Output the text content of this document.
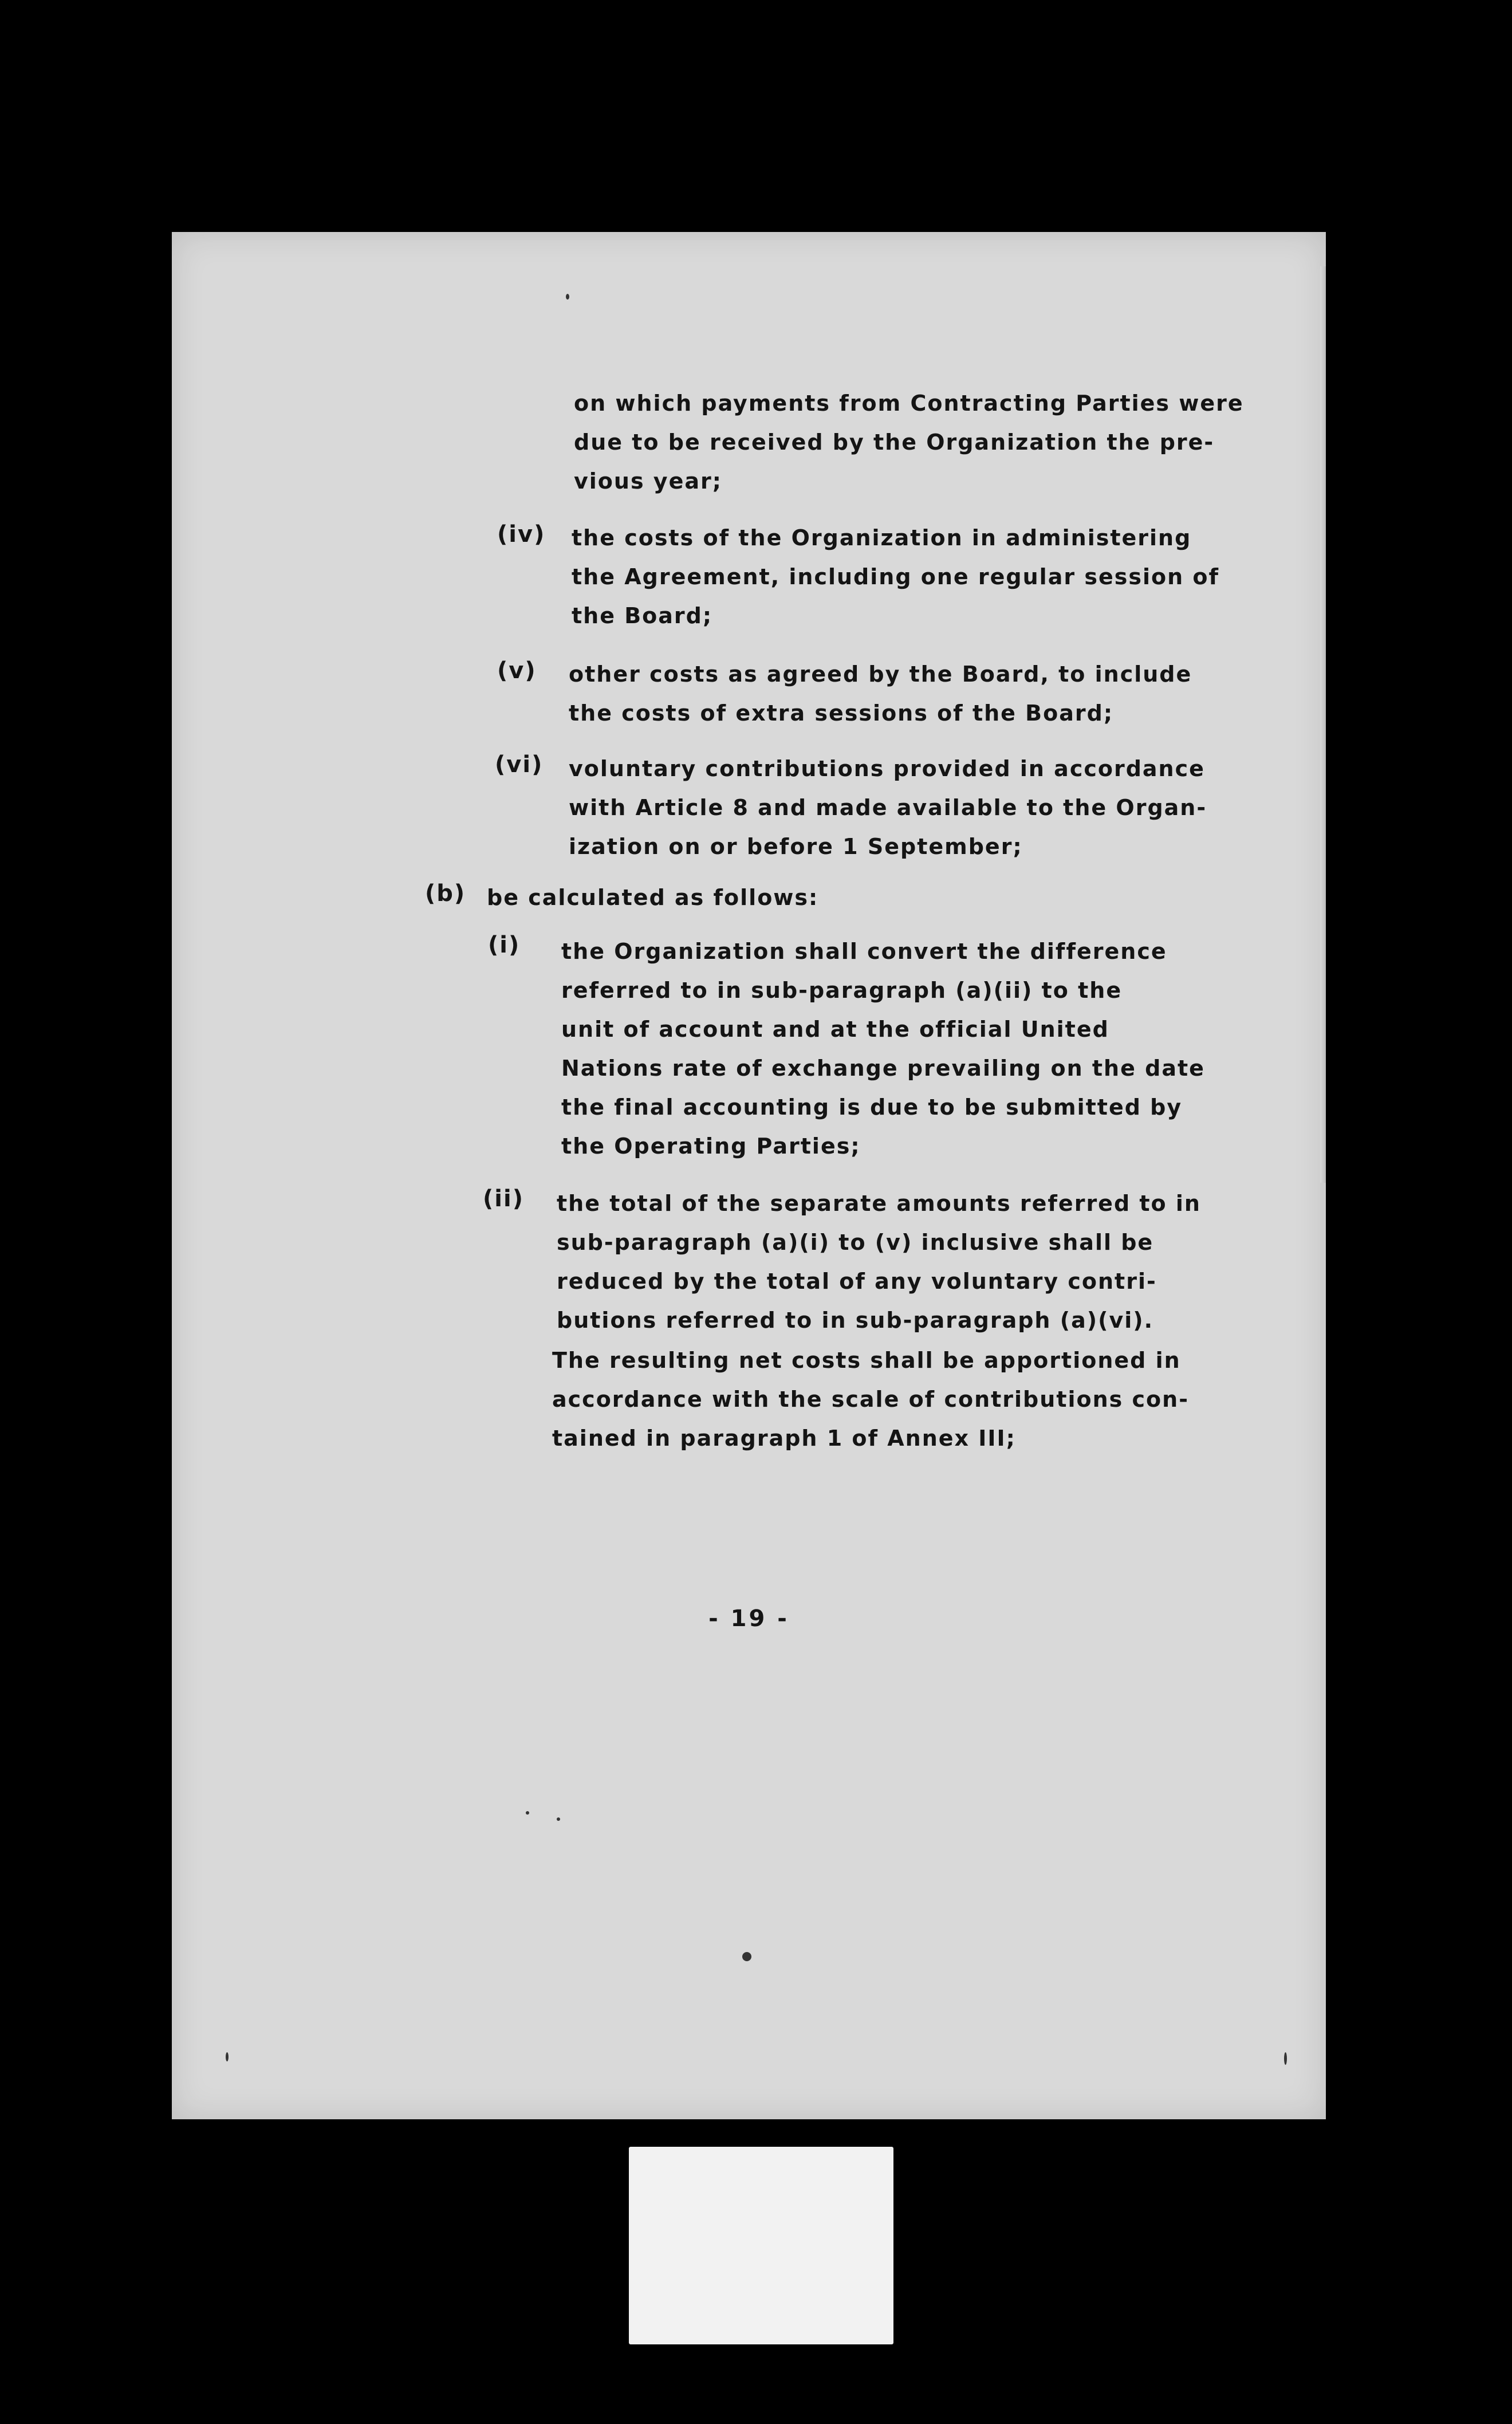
on which payments from Contracting Parties were
due to be received by the Organization the pre-
vious year;
(iv) the costs of the Organization in administering
the Agreement, including one regular session of
the Board;
(v) other costs as agreed by the Board, to include
the costs of extra sessions of the Board;
(vi) voluntary contributions provided in accordance
with Article 8 and made available to the Organ-
ization on or before 1 September;
(b) be calculated as follows:
(i) the Organization shall convert the difference
referred to in sub-paragraph (a)(ii) to the
unit of account and at the official United
Nations rate of exchange prevailing on the date
the final accounting is due to be submitted by
the Operating Parties;
(ii) the total of the separate amounts referred to in
sub-paragraph (a)(i) to (v) inclusive shall be
reduced by the total of any voluntary contri-
butions referred to in sub-paragraph (a)(vi).
The resulting net costs shall be apportioned in
accordance with the scale of contributions con-
tained in paragraph 1 of Annex III;
- 19 -
